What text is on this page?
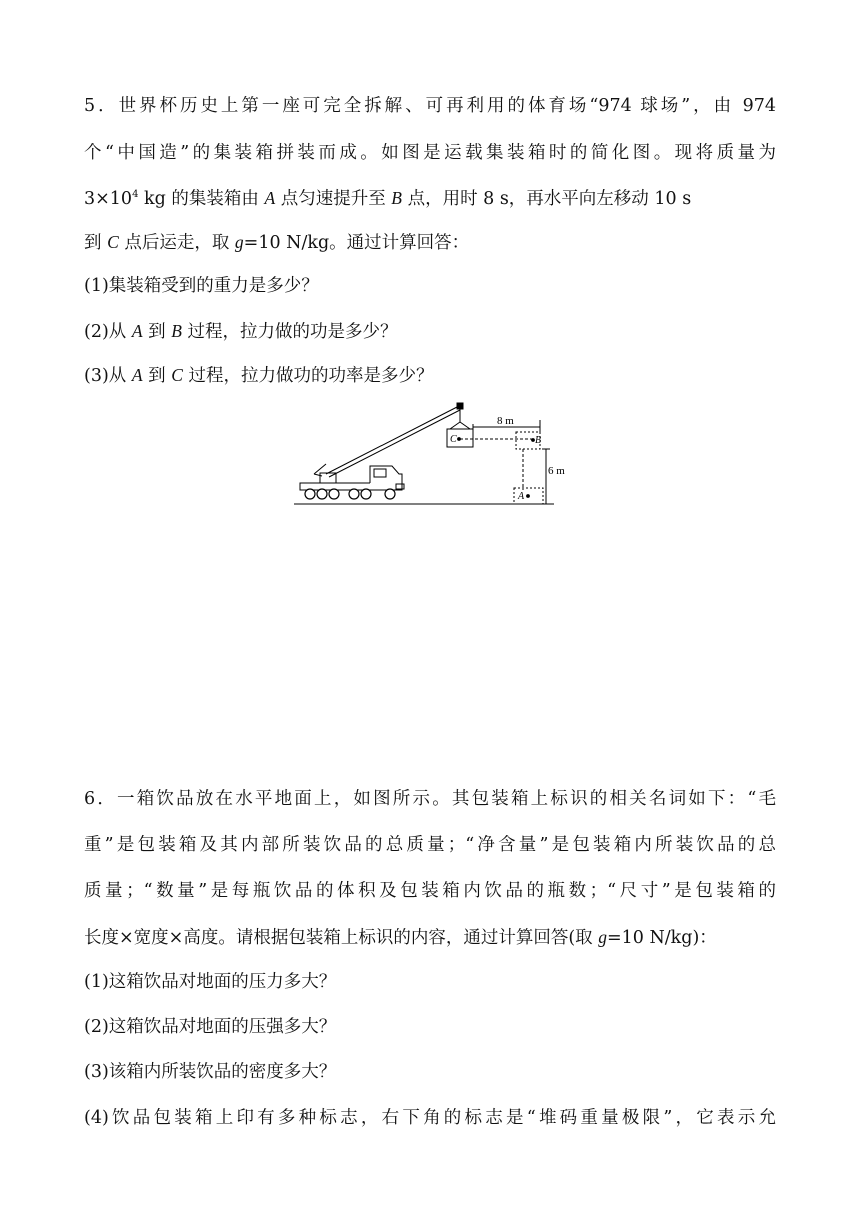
5．世界杯历史上第一座可完全拆解、可再利用的体育场“974 球场”，由 974
个“中国造”的集装箱拼装而成。如图是运载集装箱时的简化图。现将质量为
$3\times 10^4$ kg 的集装箱由 A 点匀速提升至 B 点，用时 8 s，再水平向左移动 10 s
到 C 点后运走，取 g=10 N/kg。通过计算回答：
(1)集装箱受到的重力是多少？
(2)从 A 到 B 过程，拉力做的功是多少？
(3)从 A 到 C 过程，拉力做功的功率是多少？
C	B
A
8 m
6 m
6．一箱饮品放在水平地面上，如图所示。其包装箱上标识的相关名词如下：“毛
重”是包装箱及其内部所装饮品的总质量；“净含量”是包装箱内所装饮品的总
质量；“数量”是每瓶饮品的体积及包装箱内饮品的瓶数；“尺寸”是包装箱的
长度×宽度×高度。请根据包装箱上标识的内容，通过计算回答(取 g=10 N/kg)：
(1)这箱饮品对地面的压力多大？
(2)这箱饮品对地面的压强多大？
(3)该箱内所装饮品的密度多大？
(4)饮品包装箱上印有多种标志，右下角的标志是“堆码重量极限”，它表示允
